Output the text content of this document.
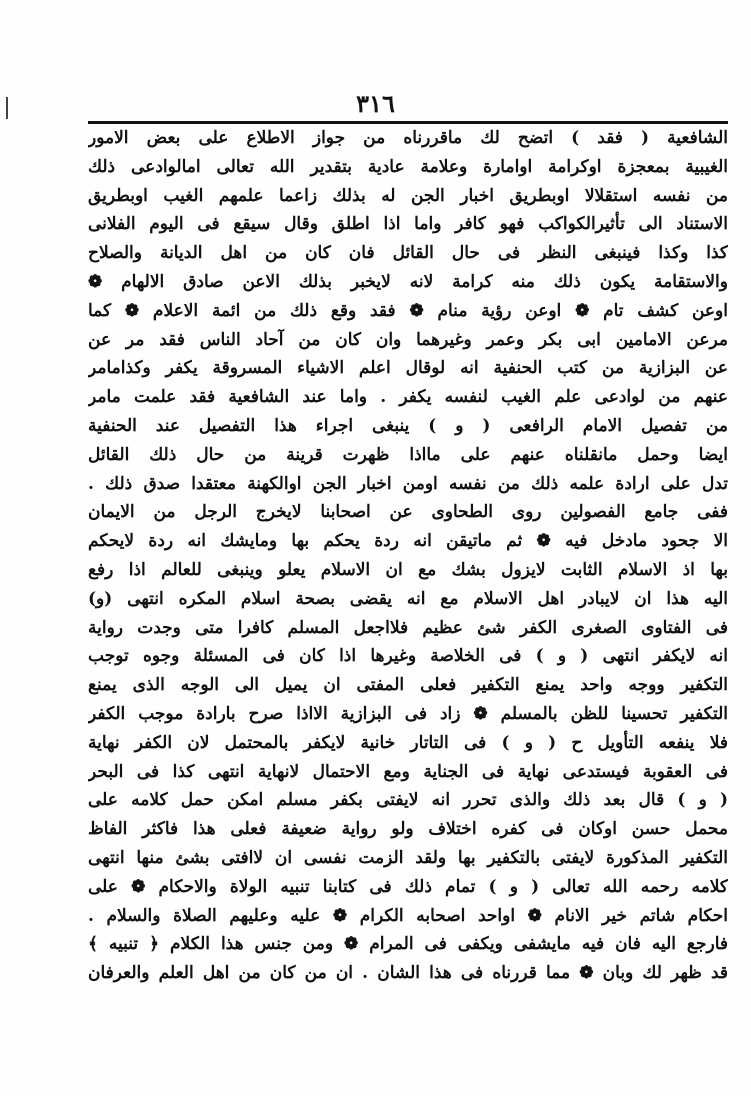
٣١٦
الشافعية ( فقد ) اتضح لك ماقررناه من جواز الاطلاع على بعض الامور
الغيبية بمعجزة اوكرامة اوامارة وعلامة عادية بتقدير الله تعالى امالوادعى ذلك
من نفسه استقلالا اوبطريق اخبار الجن له بذلك زاعما علمهم الغيب اوبطريق
الاستناد الى تأثيرالكواكب فهو كافر واما اذا اطلق وقال سيقع فى اليوم الفلانى
كذا وكذا فينبغى النظر فى حال القائل فان كان من اهل الديانة والصلاح
والاستقامة يكون ذلك منه كرامة لانه لايخبر بذلك الاعن صادق الالهام ❁
اوعن كشف تام ❁ اوعن رؤية منام ❁ فقد وقع ذلك من ائمة الاعلام ❁ كما
مرعن الامامين ابى بكر وعمر وغيرهما وان كان من آحاد الناس فقد مر عن
عن البزازية من كتب الحنفية انه لوقال اعلم الاشياء المسروقة يكفر وكذامامر
عنهم من لوادعى علم الغيب لنفسه يكفر . واما عند الشافعية فقد علمت مامر
من تفصيل الامام الرافعى ( و ) ينبغى اجراء هذا التفصيل عند الحنفية
ايضا وحمل مانقلناه عنهم على مااذا ظهرت قرينة من حال ذلك القائل
تدل على ارادة علمه ذلك من نفسه اومن اخبار الجن اوالكهنة معتقدا صدق ذلك .
ففى جامع الفصولين روى الطحاوى عن اصحابنا لايخرج الرجل من الايمان
الا جحود مادخل فيه ❁ ثم ماتيقن انه ردة يحكم بها ومايشك انه ردة لايحكم
بها اذ الاسلام الثابت لايزول بشك مع ان الاسلام يعلو وينبغى للعالم اذا رفع
اليه هذا ان لايبادر اهل الاسلام مع انه يقضى بصحة اسلام المكره انتهى (و)
فى الفتاوى الصغرى الكفر شئ عظيم فلااجعل المسلم كافرا متى وجدت رواية
انه لايكفر انتهى ( و ) فى الخلاصة وغيرها اذا كان فى المسئلة وجوه توجب
التكفير ووجه واحد يمنع التكفير فعلى المفتى ان يميل الى الوجه الذى يمنع
التكفير تحسينا للظن بالمسلم ❁ زاد فى البزازية الااذا صرح بارادة موجب الكفر
فلا ينفعه التأويل ح ( و ) فى التاتار خانية لايكفر بالمحتمل لان الكفر نهاية
فى العقوبة فيستدعى نهاية فى الجناية ومع الاحتمال لانهاية انتهى كذا فى البحر
( و ) قال بعد ذلك والذى تحرر انه لايفتى بكفر مسلم امكن حمل كلامه على
محمل حسن اوكان فى كفره اختلاف ولو رواية ضعيفة فعلى هذا فاكثر الفاظ
التكفير المذكورة لايفتى بالتكفير بها ولقد الزمت نفسى ان لاافتى بشئ منها انتهى
كلامه رحمه الله تعالى ( و ) تمام ذلك فى كتابنا تنبيه الولاة والاحكام ❁ على
احكام شاتم خير الانام ❁ اواحد اصحابه الكرام ❁ عليه وعليهم الصلاة والسلام .
فارجع اليه فان فيه مايشفى ويكفى فى المرام ❁ ومن جنس هذا الكلام ﴿ تنبيه ﴾
قد ظهر لك وبان ❁ مما قررناه فى هذا الشان . ان من كان من اهل العلم والعرفان
